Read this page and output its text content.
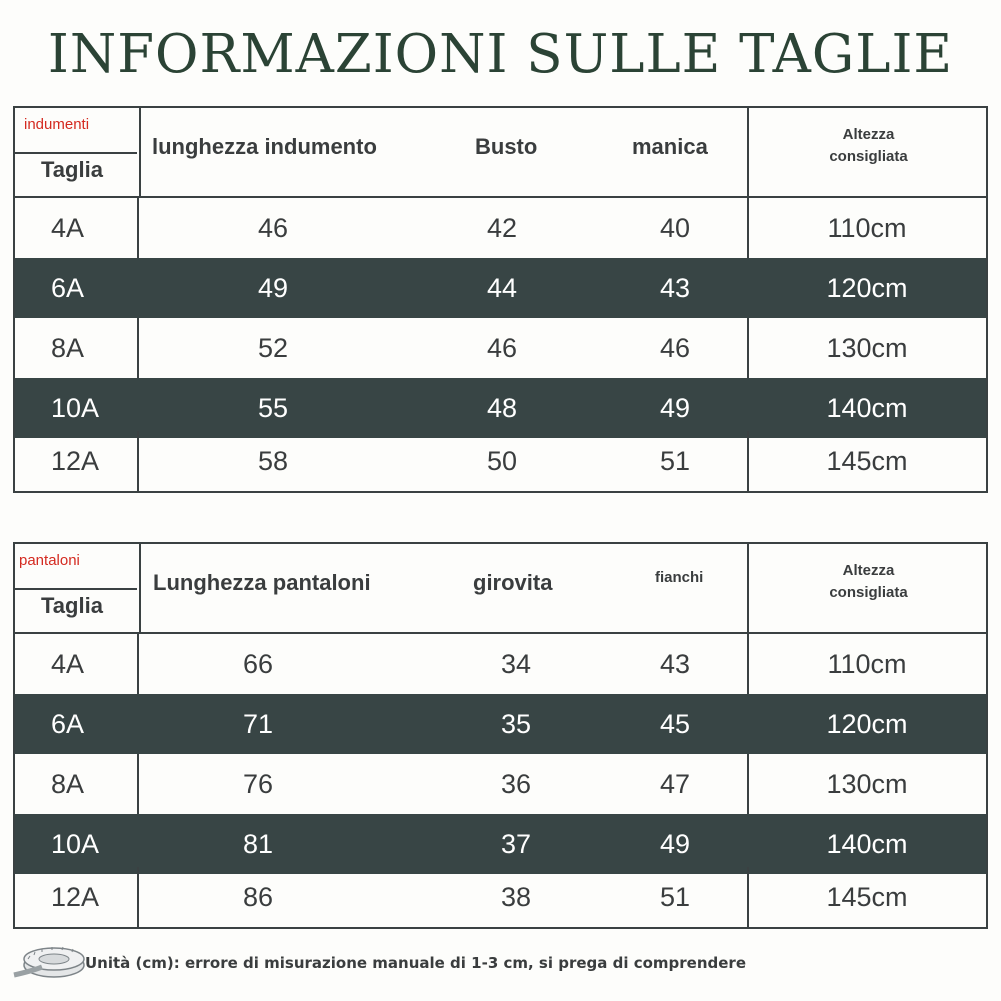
INFORMAZIONI SULLE TAGLIE
indumenti
Taglia
lunghezza indumento	Busto	manica	Altezza
consigliata
4A	46	42	40	110cm
6A	49	44	43	120cm
8A	52	46	46	130cm
10A	55	48	49	140cm
12A	58	50	51	145cm
pantaloni
Taglia
Lunghezza pantaloni	girovita	fianchi	Altezza
consigliata
4A	66	34	43	110cm
6A	71	35	45	120cm
8A	76	36	47	130cm
10A	81	37	49	140cm
12A	86	38	51	145cm
Unità (cm): errore di misurazione manuale di 1-3 cm, si prega di comprendere
